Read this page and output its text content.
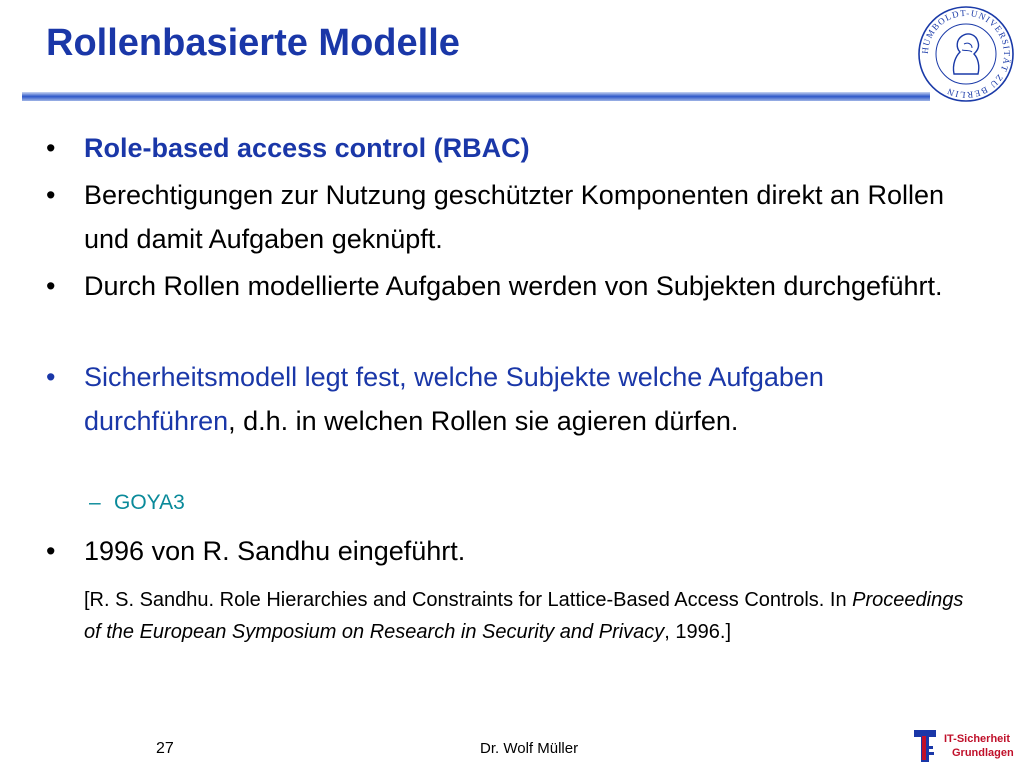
Rollenbasierte Modelle	HUMBOLDT-UNIVERSITÄT ZU BERLIN
•	Role-based access control (RBAC)
•	Berechtigungen zur Nutzung geschützter Komponenten direkt an Rollen und damit Aufgaben geknüpft.
•	Durch Rollen modellierte Aufgaben werden von Subjekten durchgeführt.
•	Sicherheitsmodell legt fest, welche Subjekte welche Aufgaben durchführen, d.h. in welchen Rollen sie agieren dürfen.
– GOYA3
•	1996 von R. Sandhu eingeführt.
[R. S. Sandhu. Role Hierarchies and Constraints for Lattice-Based Access Controls. In Proceedings of the European Symposium on Research in Security and Privacy, 1996.]
27	Dr. Wolf Müller
IT-Sicherheit
Grundlagen
